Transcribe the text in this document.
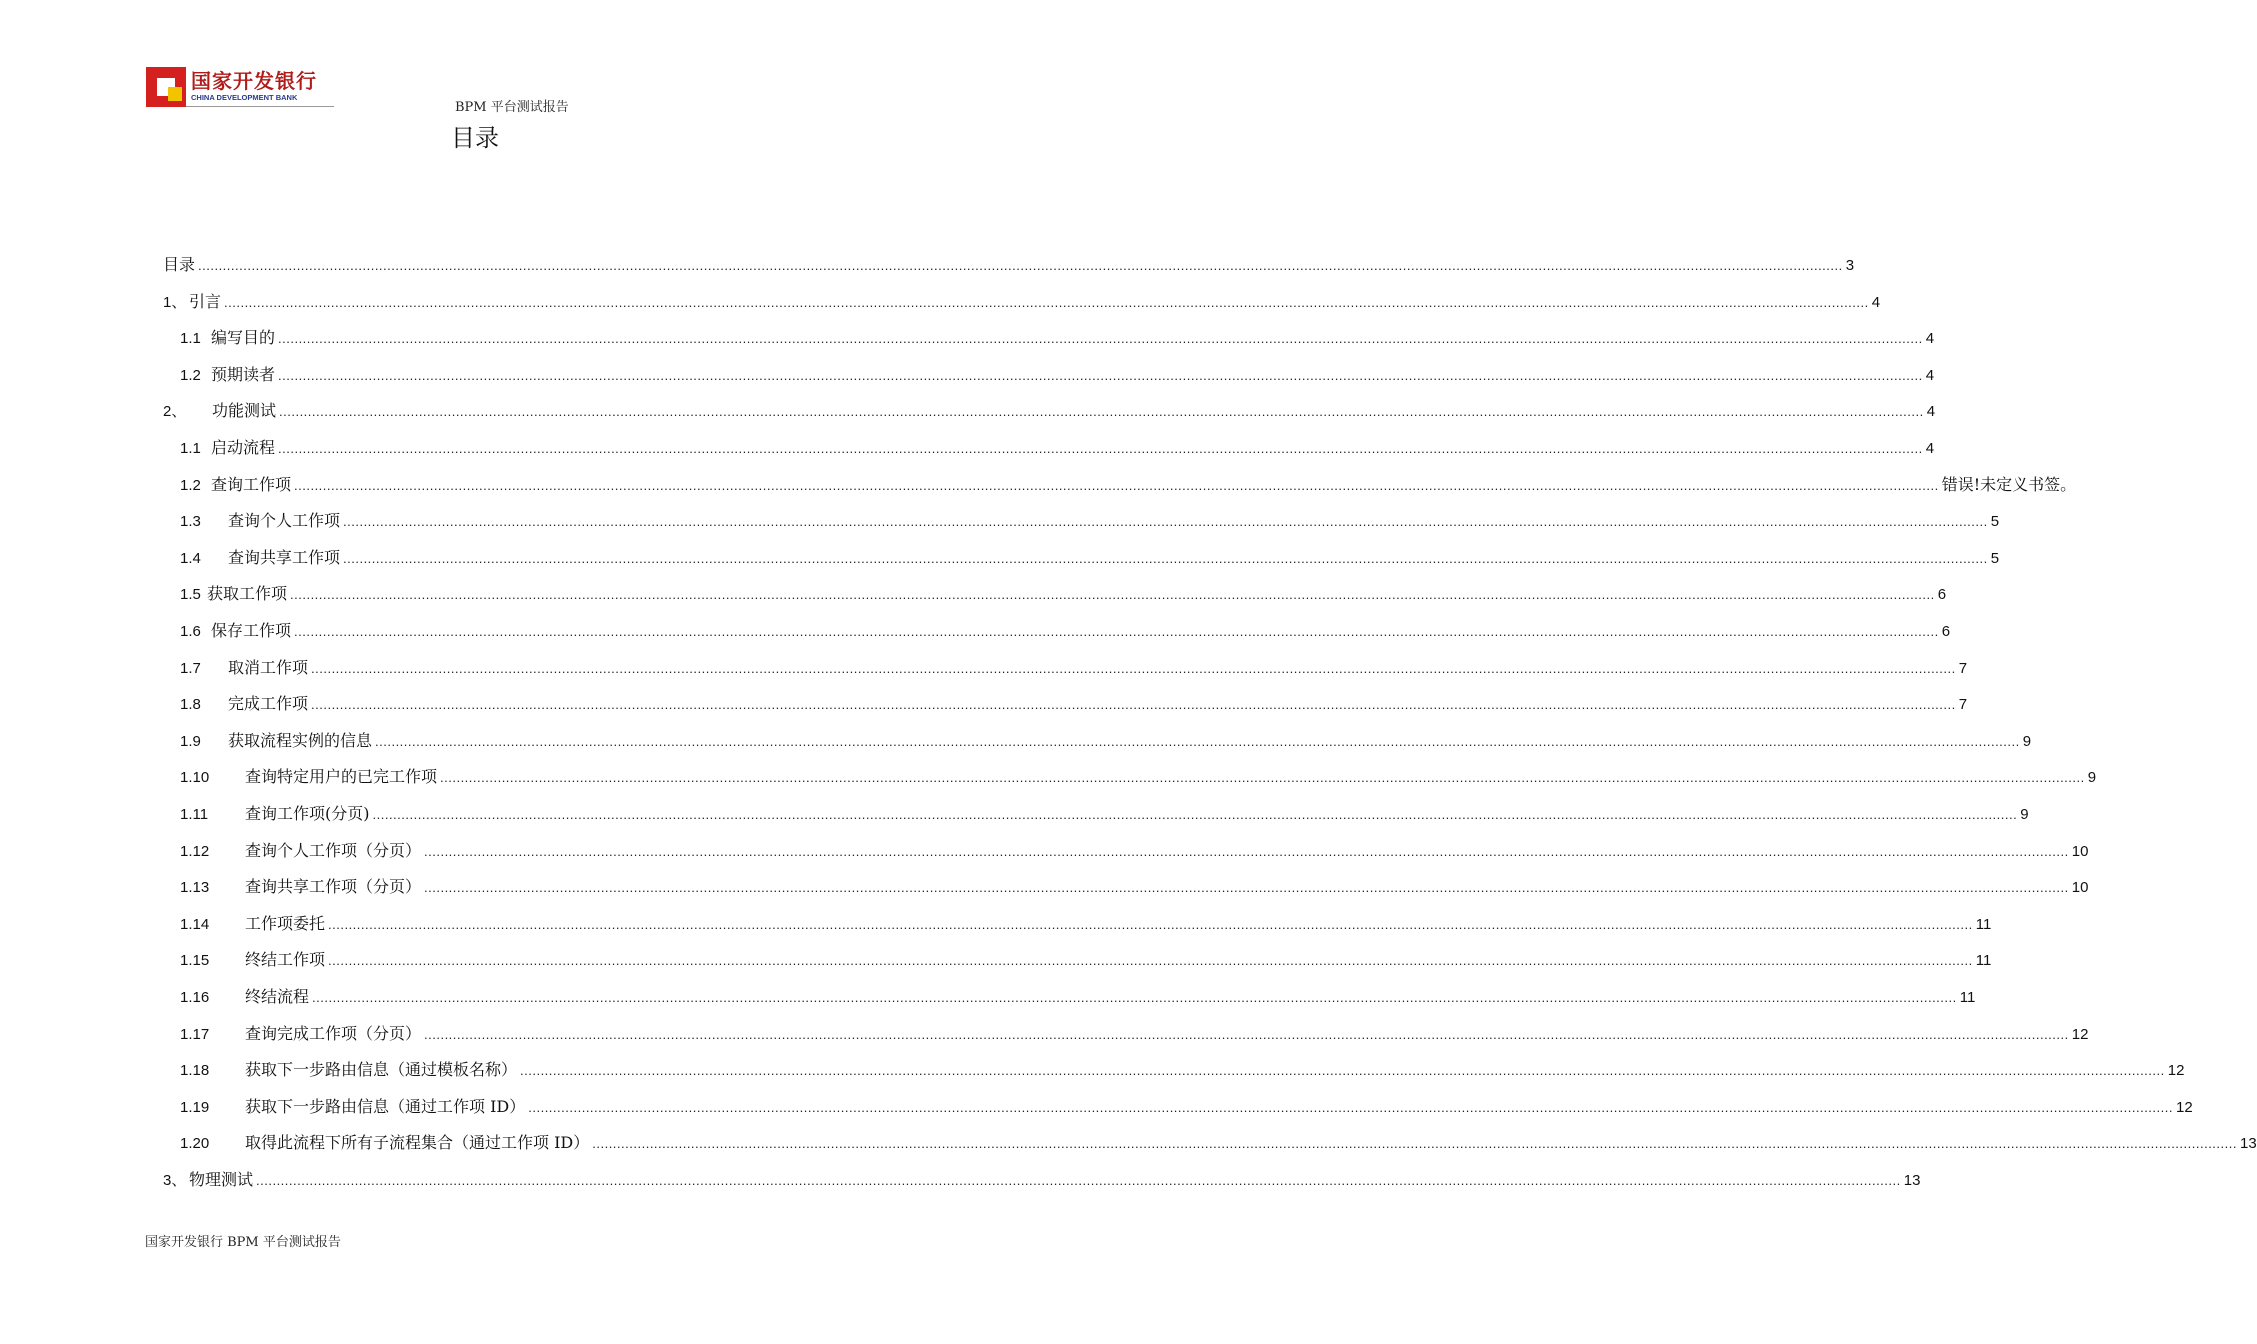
国家开发银行
CHINA DEVELOPMENT BANK
BPM 平台测试报告
目录
目录 ................................................................................................................................................................................................................................................................................................................................................................................................................ 3
1、 引言 ................................................................................................................................................................................................................................................................................................................................................................................................................ 4
1.1 编写目的 ................................................................................................................................................................................................................................................................................................................................................................................................................ 4
1.2 预期读者 ................................................................................................................................................................................................................................................................................................................................................................................................................ 4
2、	功能测试 ................................................................................................................................................................................................................................................................................................................................................................................................................ 4
1.1 启动流程 ................................................................................................................................................................................................................................................................................................................................................................................................................ 4
1.2 查询工作项 ................................................................................................................................................................................................................................................................................................................................................................................................................ 错误!未定义书签。
1.3	查询个人工作项 ................................................................................................................................................................................................................................................................................................................................................................................................................ 5
1.4	查询共享工作项 ................................................................................................................................................................................................................................................................................................................................................................................................................ 5
1.5 获取工作项 ................................................................................................................................................................................................................................................................................................................................................................................................................ 6
1.6 保存工作项 ................................................................................................................................................................................................................................................................................................................................................................................................................ 6
1.7	取消工作项 ................................................................................................................................................................................................................................................................................................................................................................................................................ 7
1.8	完成工作项 ................................................................................................................................................................................................................................................................................................................................................................................................................ 7
1.9	获取流程实例的信息 ................................................................................................................................................................................................................................................................................................................................................................................................................ 9
1.10	查询特定用户的已完工作项 ................................................................................................................................................................................................................................................................................................................................................................................................................ 9
1.11	查询工作项(分页) ................................................................................................................................................................................................................................................................................................................................................................................................................ 9
1.12	查询个人工作项（分页） ................................................................................................................................................................................................................................................................................................................................................................................................................ 10
1.13	查询共享工作项（分页） ................................................................................................................................................................................................................................................................................................................................................................................................................ 10
1.14	工作项委托 ................................................................................................................................................................................................................................................................................................................................................................................................................ 11
1.15	终结工作项 ................................................................................................................................................................................................................................................................................................................................................................................................................ 11
1.16	终结流程 ................................................................................................................................................................................................................................................................................................................................................................................................................ 11
1.17	查询完成工作项（分页） ................................................................................................................................................................................................................................................................................................................................................................................................................ 12
1.18	获取下一步路由信息（通过模板名称） ................................................................................................................................................................................................................................................................................................................................................................................................................ 12
1.19	获取下一步路由信息（通过工作项 ID） ................................................................................................................................................................................................................................................................................................................................................................................................................ 12
1.20	取得此流程下所有子流程集合（通过工作项 ID） ................................................................................................................................................................................................................................................................................................................................................................................................................ 13
3、 物理测试 ................................................................................................................................................................................................................................................................................................................................................................................................................ 13
国家开发银行 BPM 平台测试报告
